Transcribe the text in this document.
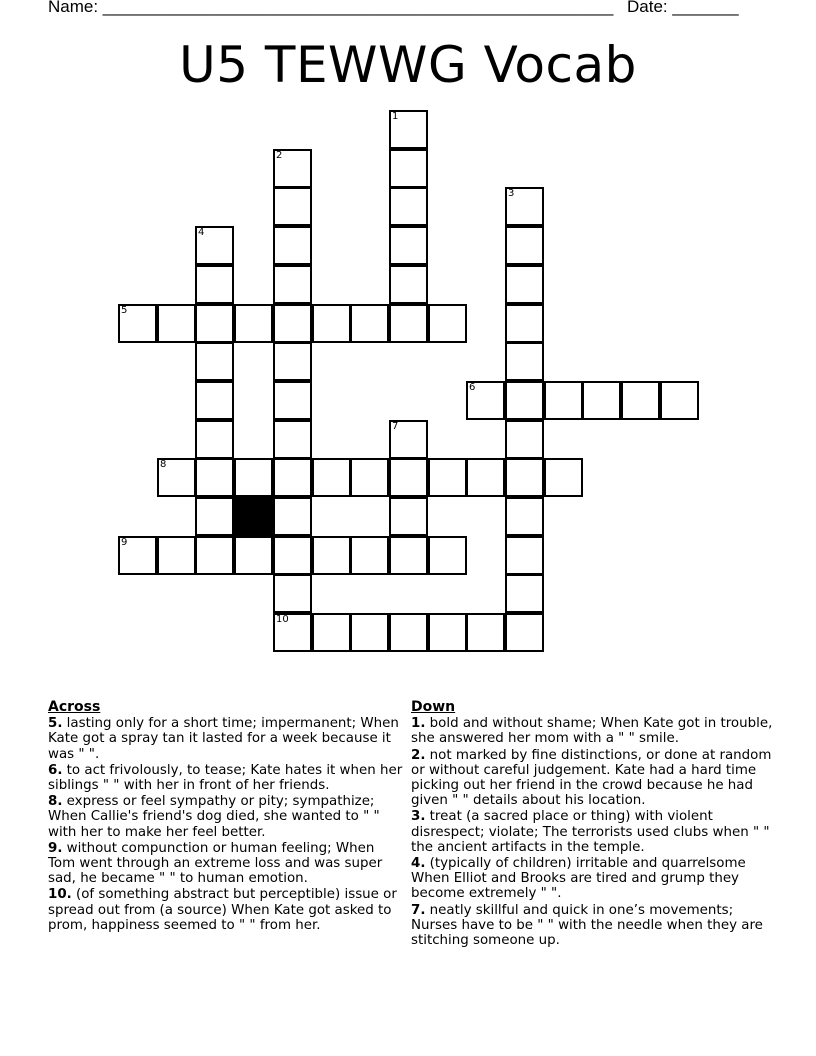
Name: ______________________________________________________ Date: _______
U5 TEWWG Vocab
1
2
10
3
4
5
6
7
8
9
Across
5. lasting only for a short time; impermanent; When Kate got a spray tan it lasted for a week because it was " ".
6. to act frivolously, to tease; Kate hates it when her siblings " " with her in front of her friends.
8. express or feel sympathy or pity; sympathize; When Callie's friend's dog died, she wanted to " " with her to make her feel better.
9. without compunction or human feeling; When Tom went through an extreme loss and was super sad, he became " " to human emotion.
10. (of something abstract but perceptible) issue or spread out from (a source) When Kate got asked to prom, happiness seemed to " " from her.
Down
1. bold and without shame; When Kate got in trouble, she answered her mom with a " " smile.
2. not marked by fine distinctions, or done at random or without careful judgement. Kate had a hard time picking out her friend in the crowd because he had given " " details about his location.
3. treat (a sacred place or thing) with violent disrespect; violate; The terrorists used clubs when " " the ancient artifacts in the temple.
4. (typically of children) irritable and quarrelsome When Elliot and Brooks are tired and grump they become extremely " ".
7. neatly skillful and quick in one’s movements; Nurses have to be " " with the needle when they are stitching someone up.
